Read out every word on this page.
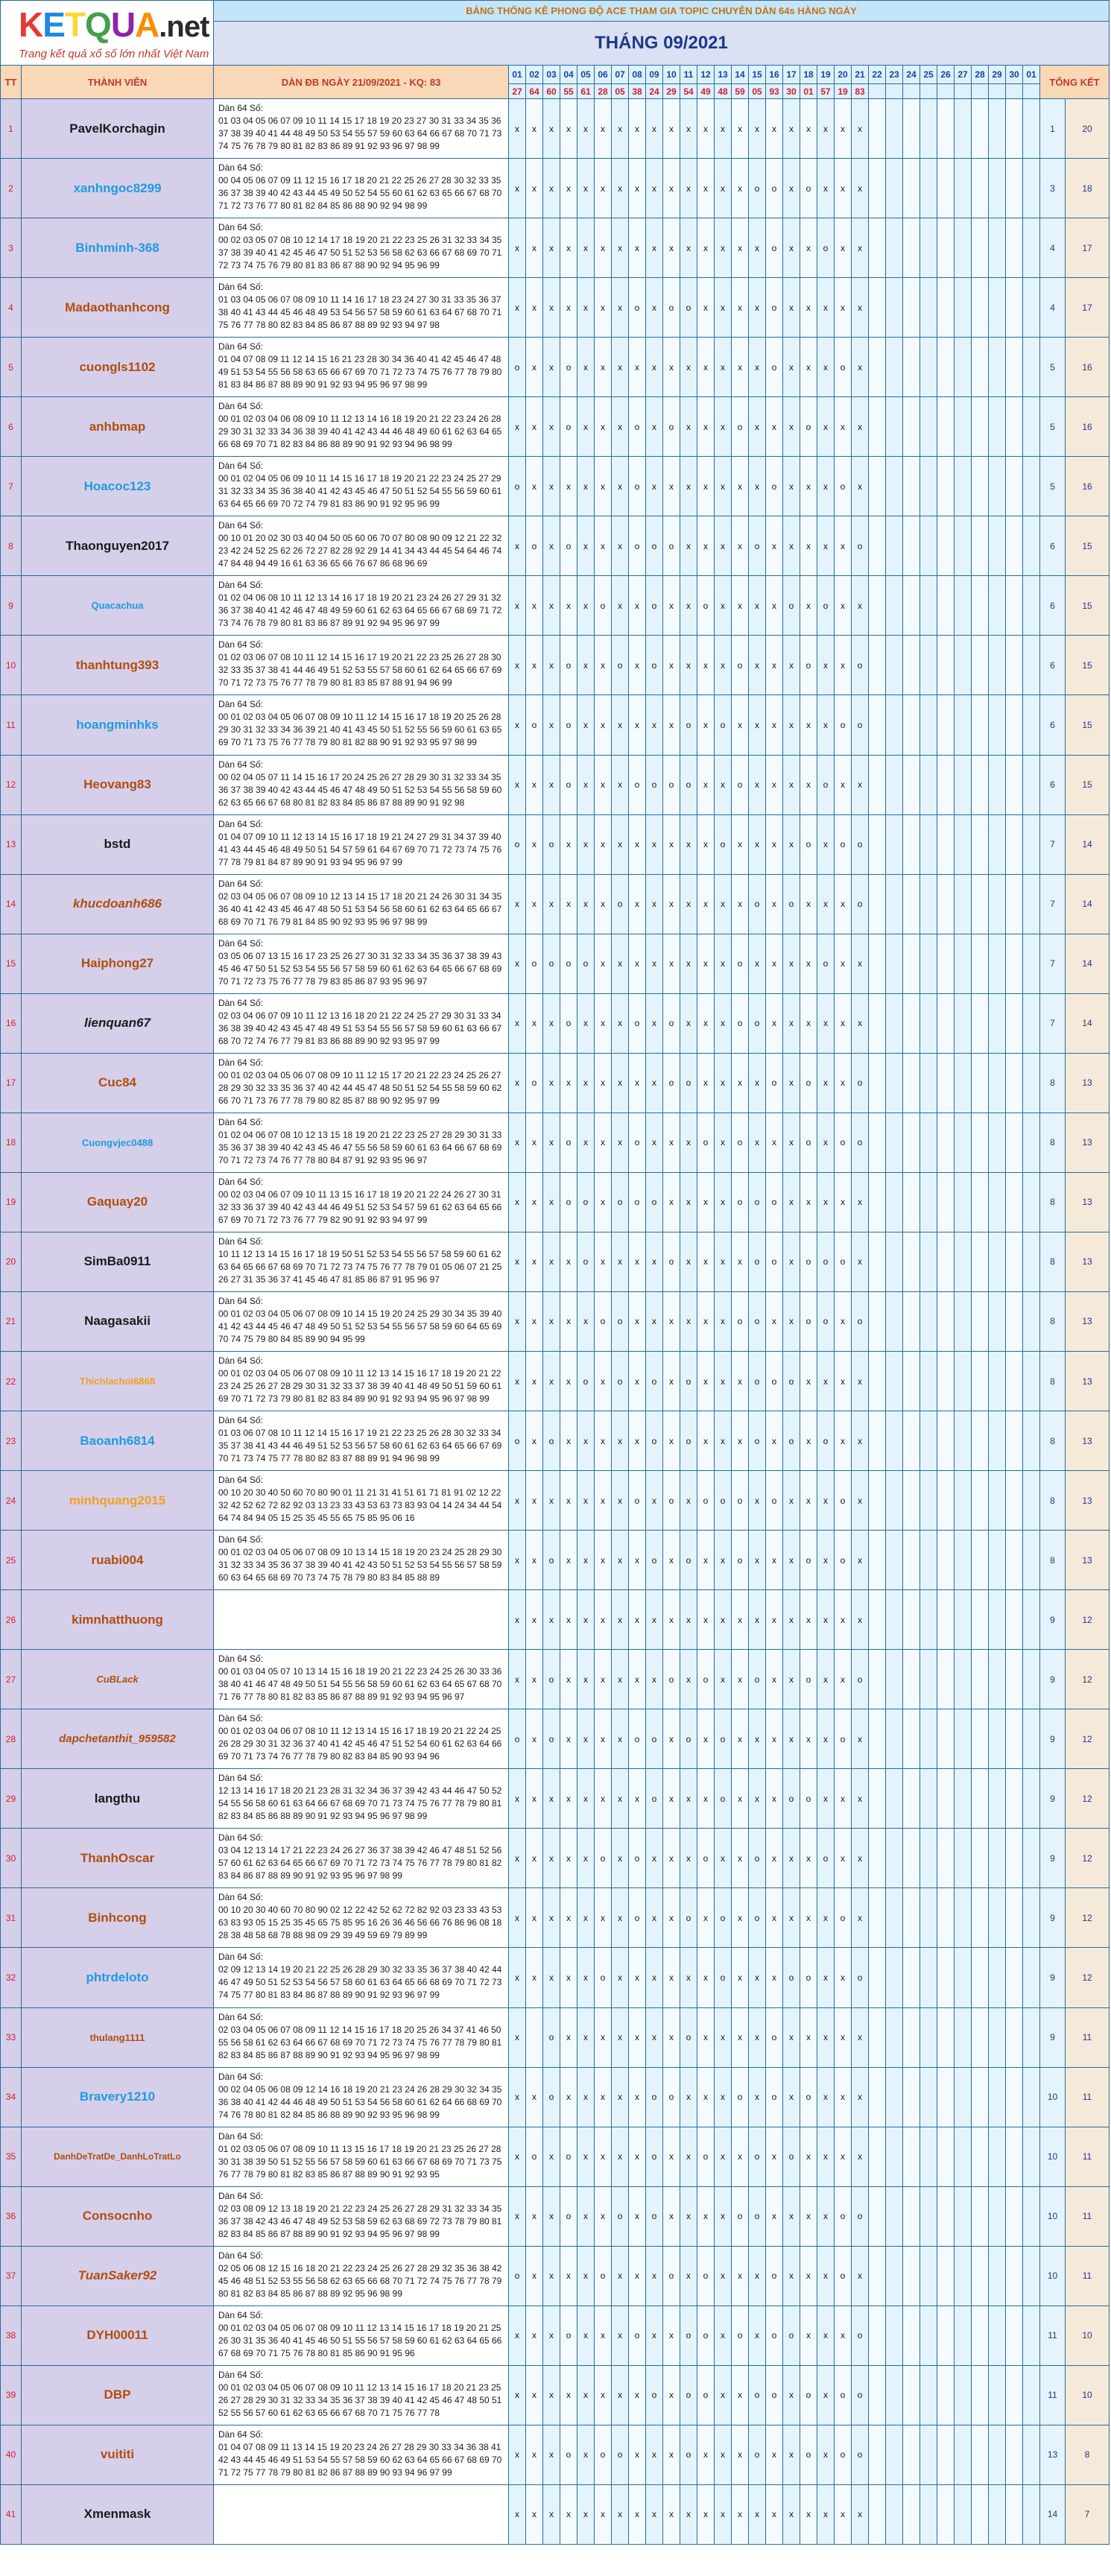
KETQUA.net
Trang kết quả xổ số lớn nhất Việt Nam		BẢNG THỐNG KÊ PHONG ĐỘ ACE THAM GIA TOPIC CHUYÊN DÀN 64s HÀNG NGÀY																																	
		THÁNG 09/2021																																	
TT	THÀNH VIÊN	DÀN ĐB NGÀY 21/09/2021 - KQ: 83	01	02	03	04	05	06	07	08	09	10	11	12	13	14	15	16	17	18	19	20	21	22	23	24	25	26	27	28	29	30	01	TỔNG KẾT	
			27	64	60	55	61	28	05	38	24	29	54	49	48	59	05	93	30	01	57	19	83												
1	PavelKorchagin	Dàn 64 Số:
01 03 04 05 06 07 09 10 11 14 15 17 18 19 20 23 27 30 31 33 34 35 36 37 38 39 40 41 44 48 49 50 53 54 55 57 59 60 63 64 66 67 68 70 71 73 74 75 76 78 79 80 81 82 83 86 89 91 92 93 96 97 98 99	x	x	x	x	x	x	x	x	x	x	x	x	x	x	x	x	x	x	x	x	x											1	20
2	xanhngoc8299	Dàn 64 Số:
00 04 05 06 07 09 11 12 15 16 17 18 20 21 22 25 26 27 28 30 32 33 35 36 37 38 39 40 42 43 44 45 49 50 52 54 55 60 61 62 63 65 66 67 68 70 71 72 73 76 77 80 81 82 84 85 86 88 90 92 94 98 99	x	x	x	x	x	x	x	x	x	x	x	x	x	x	o	o	x	o	x	x	x											3	18
3	Binhminh-368	Dàn 64 Số:
00 02 03 05 07 08 10 12 14 17 18 19 20 21 22 23 25 26 31 32 33 34 35 37 38 39 40 41 42 45 46 47 50 51 52 53 56 58 62 63 66 67 68 69 70 71 72 73 74 75 76 79 80 81 83 86 87 88 90 92 94 95 96 99	x	x	x	x	x	x	x	x	x	x	x	x	x	x	x	o	x	x	o	x	x											4	17
4	Madaothanhcong	Dàn 64 Số:
01 03 04 05 06 07 08 09 10 11 14 16 17 18 23 24 27 30 31 33 35 36 37 38 40 41 43 44 45 46 48 49 53 54 56 57 58 59 60 61 63 64 67 68 70 71 75 76 77 78 80 82 83 84 85 86 87 88 89 92 93 94 97 98	x	x	x	x	x	x	x	o	x	o	o	x	x	x	x	o	x	x	x	x	x											4	17
5	cuongls1102	Dàn 64 Số:
01 04 07 08 09 11 12 14 15 16 21 23 28 30 34 36 40 41 42 45 46 47 48 49 51 53 54 55 56 58 63 65 66 67 69 70 71 72 73 74 75 76 77 78 79 80 81 83 84 86 87 88 89 90 91 92 93 94 95 96 97 98 99	o	x	x	o	x	x	x	x	x	x	x	x	x	x	x	o	x	x	x	o	x											5	16
6	anhbmap	Dàn 64 Số:
00 01 02 03 04 06 08 09 10 11 12 13 14 16 18 19 20 21 22 23 24 26 28 29 30 31 32 33 34 36 38 39 40 41 42 43 44 46 48 49 60 61 62 63 64 65 66 68 69 70 71 82 83 84 86 88 89 90 91 92 93 94 96 98 99	x	x	x	o	x	x	x	o	x	o	x	x	x	o	x	x	x	o	x	x	x											5	16
7	Hoacoc123	Dàn 64 Số:
00 01 02 04 05 06 09 10 11 14 15 16 17 18 19 20 21 22 23 24 25 27 29 31 32 33 34 35 36 38 40 41 42 43 45 46 47 50 51 52 54 55 56 59 60 61 63 64 65 66 69 70 72 74 79 81 83 86 90 91 92 95 96 99	o	x	x	x	x	x	x	o	x	x	x	x	x	x	x	o	x	x	x	o	x											5	16
8	Thaonguyen2017	Dàn 64 Số:
00 10 01 20 02 30 03 40 04 50 05 60 06 70 07 80 08 90 09 12 21 22 32 23 42 24 52 25 62 26 72 27 82 28 92 29 14 41 34 43 44 45 54 64 46 74 47 84 48 94 49 16 61 63 36 65 66 76 67 86 68 96 69	x	o	x	o	x	x	x	o	o	o	x	x	x	x	o	x	x	x	x	x	o											6	15
9	Quacachua	Dàn 64 Số:
01 02 04 06 08 10 11 12 13 14 16 17 18 19 20 21 23 24 26 27 29 31 32 36 37 38 40 41 42 46 47 48 49 59 60 61 62 63 64 65 66 67 68 69 71 72 73 74 76 78 79 80 81 83 86 87 89 91 92 94 95 96 97 99	x	x	x	x	x	o	x	x	o	x	x	o	x	x	x	x	o	x	o	x	x											6	15
10	thanhtung393	Dàn 64 Số:
01 02 03 06 07 08 10 11 12 14 15 16 17 19 20 21 22 23 25 26 27 28 30 32 33 35 37 38 41 44 46 49 51 52 53 55 57 58 60 61 62 64 65 66 67 69 70 71 72 73 75 76 77 78 79 80 81 83 85 87 88 91 94 96 99	x	x	x	o	x	x	o	x	o	x	x	x	x	o	x	x	x	o	x	x	o											6	15
11	hoangminhks	Dàn 64 Số:
00 01 02 03 04 05 06 07 08 09 10 11 12 14 15 16 17 18 19 20 25 26 28 29 30 31 32 33 34 36 39 21 40 41 43 45 50 51 52 55 56 59 60 61 63 65 69 70 71 73 75 76 77 78 79 80 81 82 88 90 91 92 93 95 97 98 99	x	o	x	o	x	x	x	x	x	x	o	x	o	x	x	x	x	x	x	o	o											6	15
12	Heovang83	Dàn 64 Số:
00 02 04 05 07 11 14 15 16 17 20 24 25 26 27 28 29 30 31 32 33 34 35 36 37 38 39 40 42 43 44 45 46 47 48 49 50 51 52 53 54 55 56 58 59 60 62 63 65 66 67 68 80 81 82 83 84 85 86 87 88 89 90 91 92 98	x	x	x	o	x	x	x	o	o	o	o	x	x	o	x	x	x	x	o	x	x											6	15
13	bstd	Dàn 64 Số:
01 04 07 09 10 11 12 13 14 15 16 17 18 19 21 24 27 29 31 34 37 39 40 41 43 44 45 46 48 49 50 51 54 57 59 61 64 67 69 70 71 72 73 74 75 76 77 78 79 81 84 87 89 90 91 93 94 95 96 97 99	o	x	o	x	x	x	x	x	x	x	x	x	o	x	x	x	x	o	x	o	o											7	14
14	khucdoanh686	Dàn 64 Số:
02 03 04 05 06 07 08 09 10 12 13 14 15 17 18 20 21 24 26 30 31 34 35 36 40 41 42 43 45 46 47 48 50 51 53 54 56 58 60 61 62 63 64 65 66 67 68 69 70 71 76 79 81 84 85 90 92 93 95 96 97 98 99	x	x	x	x	x	x	o	x	x	x	x	x	x	x	o	x	o	x	x	x	o											7	14
15	Haiphong27	Dàn 64 Số:
03 05 06 07 13 15 16 17 23 25 26 27 30 31 32 33 34 35 36 37 38 39 43 45 46 47 50 51 52 53 54 55 56 57 58 59 60 61 62 63 64 65 66 67 68 69 70 71 72 73 75 76 77 78 79 83 85 86 87 93 95 96 97	x	o	o	o	o	x	x	x	x	x	x	x	x	o	x	x	x	x	o	x	x											7	14
16	lienquan67	Dàn 64 Số:
02 03 04 06 07 09 10 11 12 13 16 18 20 21 22 24 25 27 29 30 31 33 34 36 38 39 40 42 43 45 47 48 49 51 53 54 55 56 57 58 59 60 61 63 66 67 68 70 72 74 76 77 79 81 83 86 88 89 90 92 93 95 97 99	x	x	x	o	x	x	x	o	x	o	x	x	x	o	o	x	x	x	x	x	x											7	14
17	Cuc84	Dàn 64 Số:
00 01 02 03 04 05 06 07 08 09 10 11 12 15 17 20 21 22 23 24 25 26 27 28 29 30 32 33 35 36 37 40 42 44 45 47 48 50 51 52 54 55 58 59 60 62 66 70 71 73 76 77 78 79 80 82 85 87 88 90 92 95 97 99	x	o	x	x	x	x	x	x	x	o	o	x	x	x	x	o	x	o	x	x	o											8	13
18	Cuongvjec0488	Dàn 64 Số:
01 02 04 06 07 08 10 12 13 15 18 19 20 21 22 23 25 27 28 29 30 31 33 35 36 37 38 39 40 42 43 45 46 47 55 56 58 59 60 61 63 64 66 67 68 69 70 71 72 73 74 76 77 78 80 84 87 91 92 93 95 96 97	x	x	x	o	x	x	x	o	x	x	x	o	x	o	x	x	x	o	x	o	o											8	13
19	Gaquay20	Dàn 64 Số:
00 02 03 04 06 07 09 10 11 13 15 16 17 18 19 20 21 22 24 26 27 30 31 32 33 36 37 39 40 42 43 44 46 49 51 52 53 54 57 59 61 62 63 64 65 66 67 69 70 71 72 73 76 77 79 82 90 91 92 93 94 97 99	x	x	x	o	o	x	o	o	o	x	x	x	x	o	o	o	x	x	x	x	x											8	13
20	SimBa0911	Dàn 64 Số:
10 11 12 13 14 15 16 17 18 19 50 51 52 53 54 55 56 57 58 59 60 61 62 63 64 65 66 67 68 69 70 71 72 73 74 75 76 77 78 79 01 05 06 07 21 25 26 27 31 35 36 37 41 45 46 47 81 85 86 87 91 95 96 97	x	x	x	x	o	x	x	x	x	o	x	x	x	x	o	o	x	o	o	o	x											8	13
21	Naagasakii	Dàn 64 Số:
00 01 02 03 04 05 06 07 08 09 10 14 15 19 20 24 25 29 30 34 35 39 40 41 42 43 44 45 46 47 48 49 50 51 52 53 54 55 56 57 58 59 60 64 65 69 70 74 75 79 80 84 85 89 90 94 95 99	x	x	x	x	x	o	o	x	x	x	x	x	x	o	o	x	x	o	o	x	o											8	13
22	Thichlachoi6868	Dàn 64 Số:
00 01 02 03 04 05 06 07 08 09 10 11 12 13 14 15 16 17 18 19 20 21 22 23 24 25 26 27 28 29 30 31 32 33 37 38 39 40 41 48 49 50 51 59 60 61 69 70 71 72 73 79 80 81 82 83 84 89 90 91 92 93 94 95 96 97 98 99	x	x	x	x	o	x	o	x	o	x	o	x	x	x	o	o	o	x	x	x	x											8	13
23	Baoanh6814	Dàn 64 Số:
01 03 06 07 08 10 11 12 14 15 16 17 19 21 22 23 25 26 28 30 32 33 34 35 37 38 41 43 44 46 49 51 52 53 56 57 58 60 61 62 63 64 65 66 67 69 70 71 73 74 75 77 78 80 82 83 87 88 89 91 94 96 98 99	o	x	o	x	x	x	x	x	o	x	o	x	x	x	o	x	o	x	o	x	x											8	13
24	minhquang2015	Dàn 64 Số:
00 10 20 30 40 50 60 70 80 90 01 11 21 31 41 51 61 71 81 91 02 12 22 32 42 52 62 72 82 92 03 13 23 33 43 53 63 73 83 93 04 14 24 34 44 54 64 74 84 94 05 15 25 35 45 55 65 75 85 95 06 16	x	x	x	x	x	x	x	o	x	o	x	o	o	o	x	o	x	x	x	o	x											8	13
25	ruabi004	Dàn 64 Số:
00 01 02 03 04 05 06 07 08 09 10 13 14 15 18 19 20 23 24 25 28 29 30 31 32 33 34 35 36 37 38 39 40 41 42 43 50 51 52 53 54 55 56 57 58 59 60 63 64 65 68 69 70 73 74 75 78 79 80 83 84 85 88 89	x	x	o	x	x	x	x	x	o	x	o	x	x	o	x	x	x	o	x	o	x											8	13
26	kimnhatthuong		x	x	x	x	x	x	x	x	x	x	x	x	x	x	x	x	x	x	x	x	x											9	12
27	CuBLack	Dàn 64 Số:
00 01 03 04 05 07 10 13 14 15 16 18 19 20 21 22 23 24 25 26 30 33 36 38 40 41 46 47 48 49 50 51 54 55 56 58 59 60 61 62 63 64 65 67 68 70 71 76 77 78 80 81 82 83 85 86 87 88 89 91 92 93 94 95 96 97	x	x	o	x	x	x	x	x	x	o	x	o	x	x	o	x	x	o	x	x	o											9	12
28	dapchetanthit_959582	Dàn 64 Số:
00 01 02 03 04 06 07 08 10 11 12 13 14 15 16 17 18 19 20 21 22 24 25 26 28 29 30 31 32 36 37 40 41 42 45 46 47 51 52 54 60 61 62 63 64 66 69 70 71 73 74 76 77 78 79 80 82 83 84 85 90 93 94 96	o	x	o	x	x	x	x	o	o	x	o	x	o	x	x	x	x	x	x	o	x											9	12
29	langthu	Dàn 64 Số:
12 13 14 16 17 18 20 21 23 28 31 32 34 36 37 39 42 43 44 46 47 50 52 54 55 56 58 60 61 63 64 66 67 68 69 70 71 73 74 75 76 77 78 79 80 81 82 83 84 85 86 88 89 90 91 92 93 94 95 96 97 98 99	x	x	x	x	x	x	x	x	o	x	x	x	o	x	x	x	o	o	x	x	x											9	12
30	ThanhOscar	Dàn 64 Số:
03 04 12 13 14 17 21 22 23 24 26 27 36 37 38 39 42 46 47 48 51 52 56 57 60 61 62 63 64 65 66 67 69 70 71 72 73 74 75 76 77 78 79 80 81 82 83 84 86 87 88 89 90 91 92 93 95 96 97 98 99	x	x	x	x	x	o	x	o	x	x	x	o	x	x	o	x	x	x	o	x	x											9	12
31	Binhcong	Dàn 64 Số:
00 10 20 30 40 60 70 80 90 02 12 22 42 52 62 72 82 92 03 23 33 43 53 63 83 93 05 15 25 35 45 65 75 85 95 16 26 36 46 56 66 76 86 96 08 18 28 38 48 58 68 78 88 98 09 29 39 49 59 69 79 89 99	x	x	x	x	x	x	x	o	x	x	o	x	o	x	o	x	x	x	x	o	x											9	12
32	phtrdeloto	Dàn 64 Số:
02 09 12 13 14 19 20 21 22 25 26 28 29 30 32 33 35 36 37 38 40 42 44 46 47 49 50 51 52 53 54 56 57 58 60 61 63 64 65 66 68 69 70 71 72 73 74 75 77 80 81 83 84 86 87 88 89 90 91 92 93 96 97 99	x	x	x	x	x	o	x	x	x	x	x	x	o	x	x	x	o	o	x	x	o											9	12
33	thulang1111	Dàn 64 Số:
02 03 04 05 06 07 08 09 11 12 14 15 16 17 18 20 25 26 34 37 41 46 50 55 56 58 61 62 63 64 66 67 68 69 70 71 72 73 74 75 76 77 78 79 80 81 82 83 84 85 86 87 88 89 90 91 92 93 94 95 96 97 98 99	x		o	x	x	x	x	x	x	x	o	x	x	x	x	o	x	x	x	x	x											9	11
34	Bravery1210	Dàn 64 Số:
00 02 04 05 06 08 09 12 14 16 18 19 20 21 23 24 26 28 29 30 32 34 35 36 38 40 41 42 44 46 48 49 50 51 53 54 56 58 60 61 62 64 66 68 69 70 74 76 78 80 81 82 84 85 86 88 89 90 92 93 95 96 98 99	x	x	o	x	x	x	x	x	o	o	x	x	x	o	x	o	x	o	x	x	x											10	11
35	DanhDeTratDe_DanhLoTratLo	Dàn 64 Số:
01 02 03 05 06 07 08 09 10 11 13 15 16 17 18 19 20 21 23 25 26 27 28 30 31 38 39 50 51 52 55 56 57 58 59 60 61 63 66 67 68 69 70 71 73 75 76 77 78 79 80 81 82 83 85 86 87 88 89 90 91 92 93 95	x	o	x	o	x	x	x	x	o	x	x	o	x	x	o	x	o	x	x	x	x											10	11
36	Consocnho	Dàn 64 Số:
02 03 08 09 12 13 18 19 20 21 22 23 24 25 26 27 28 29 31 32 33 34 35 36 37 38 42 43 46 47 48 49 52 53 58 59 62 63 68 69 72 73 78 79 80 81 82 83 84 85 86 87 88 89 90 91 92 93 94 95 96 97 98 99	x	x	x	o	x	x	o	x	o	x	x	x	x	o	o	x	x	x	x	o	o											10	11
37	TuanSaker92	Dàn 64 Số:
02 05 06 08 12 15 16 18 20 21 22 23 24 25 26 27 28 29 32 35 36 38 42 45 46 48 51 52 53 55 56 58 62 63 65 66 68 70 71 72 74 75 76 77 78 79 80 81 82 83 84 85 86 87 88 89 92 95 96 98 99	o	x	x	x	x	o	x	x	x	o	x	o	x	x	x	o	x	x	x	o	x											10	11
38	DYH00011	Dàn 64 Số:
00 01 02 03 04 05 06 07 08 09 10 11 12 13 14 15 16 17 18 19 20 21 25 26 30 31 35 36 40 41 45 46 50 51 55 56 57 58 59 60 61 62 63 64 65 66 67 68 69 70 71 75 76 78 80 81 85 86 90 91 95 96	x	x	x	o	x	x	x	o	x	x	o	o	x	o	x	o	o	x	x	x	o											11	10
39	DBP	Dàn 64 Số:
00 01 02 03 04 05 06 07 08 09 10 11 12 13 14 15 16 17 18 20 21 23 25 26 27 28 29 30 31 32 33 34 35 36 37 38 39 40 41 42 45 46 47 48 50 51 52 55 56 57 60 61 62 63 65 66 67 68 70 71 75 76 77 78	x	x	x	x	x	x	x	x	o	x	o	o	x	x	o	o	x	o	x	o	o											11	10
40	vuititi	Dàn 64 Số:
01 04 07 08 09 11 13 14 15 19 20 23 24 26 27 28 29 30 33 34 36 38 41 42 43 44 45 46 49 51 53 54 55 57 58 59 60 62 63 64 65 66 67 68 69 70 71 72 75 77 78 79 80 81 82 86 87 88 89 90 93 94 96 97 99	x	x	x	o	x	o	o	x	x	x	o	x	x	x	o	x	x	o	x	o	o											13	8
41	Xmenmask		x	x	x	x	x	x	x	x	x	x	x	x	x	x	x	x	x	x	x	x	x											14	7
